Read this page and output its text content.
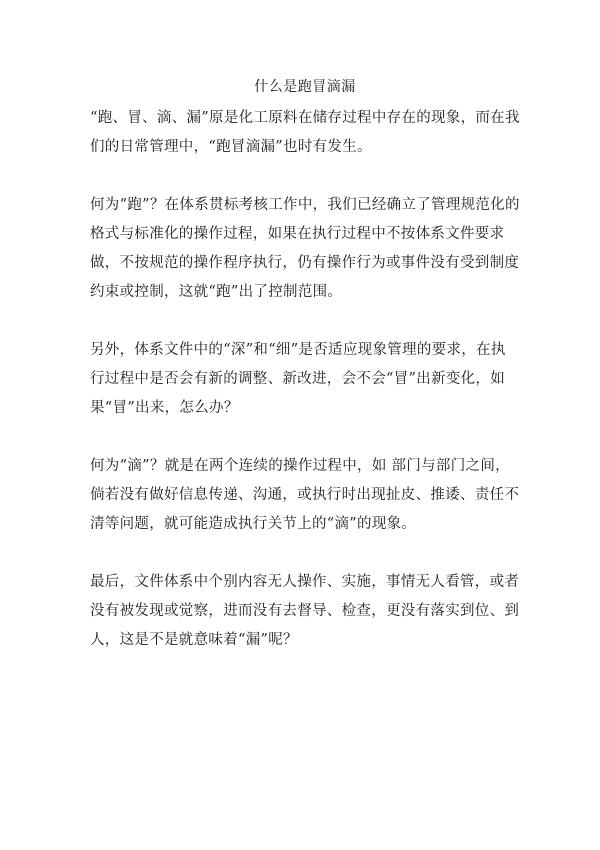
什么是跑冒滴漏

“跑、冒、滴、漏”原是化工原料在储存过程中存在的现象，而在我们的日常管理中，“跑冒滴漏”也时有发生。

何为“跑”？在体系贯标考核工作中，我们已经确立了管理规范化的格式与标准化的操作过程，如果在执行过程中不按体系文件要求做，不按规范的操作程序执行，仍有操作行为或事件没有受到制度约束或控制，这就“跑”出了控制范围。

另外，体系文件中的“深”和“细”是否适应现象管理的要求，在执行过程中是否会有新的调整、新改进，会不会“冒”出新变化，如果“冒”出来，怎么办？

何为“滴”？就是在两个连续的操作过程中，如 部门与部门之间，倘若没有做好信息传递、沟通，或执行时出现扯皮、推诿、责任不清等问题，就可能造成执行关节上的“滴”的现象。

最后，文件体系中个别内容无人操作、实施，事情无人看管，或者没有被发现或觉察，进而没有去督导、检查，更没有落实到位、到人，这是不是就意味着“漏”呢？
